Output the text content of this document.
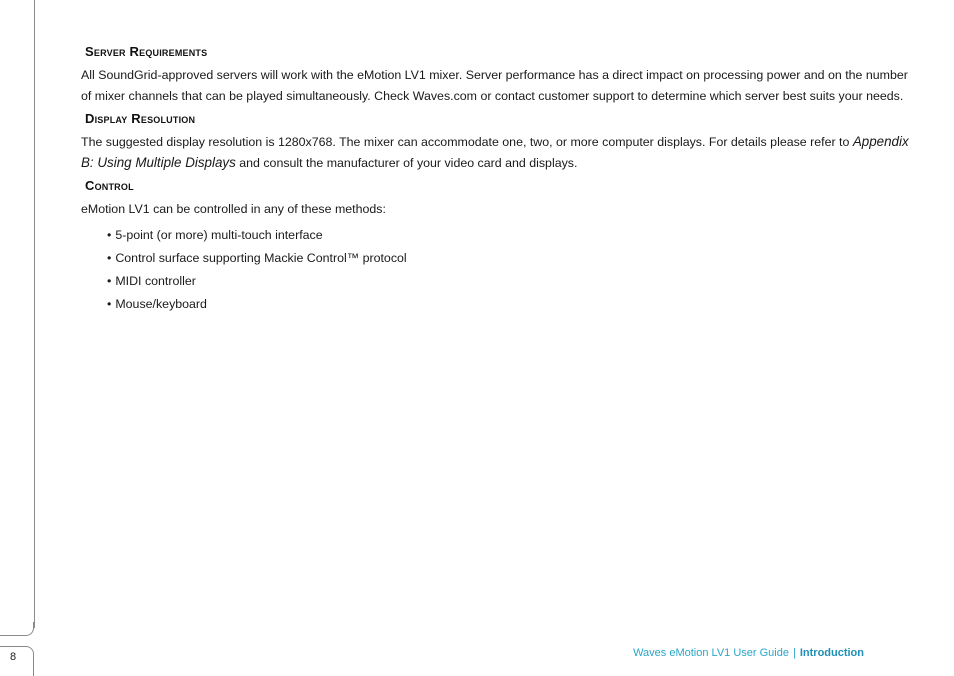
8
Server Requirements

All SoundGrid-approved servers will work with the eMotion LV1 mixer. Server performance has a direct impact on processing power and on the number of mixer channels that can be played simultaneously. Check Waves.com or contact customer support to determine which server best suits your needs.

Display Resolution

The suggested display resolution is 1280x768. The mixer can accommodate one, two, or more computer displays. For details please refer to Appendix B: Using Multiple Displays and consult the manufacturer of your video card and displays.

Control

eMotion LV1 can be controlled in any of these methods:

• 5-point (or more) multi-touch interface
• Control surface supporting Mackie Control™ protocol
• MIDI controller
• Mouse/keyboard
Waves eMotion LV1 User Guide | Introduction
